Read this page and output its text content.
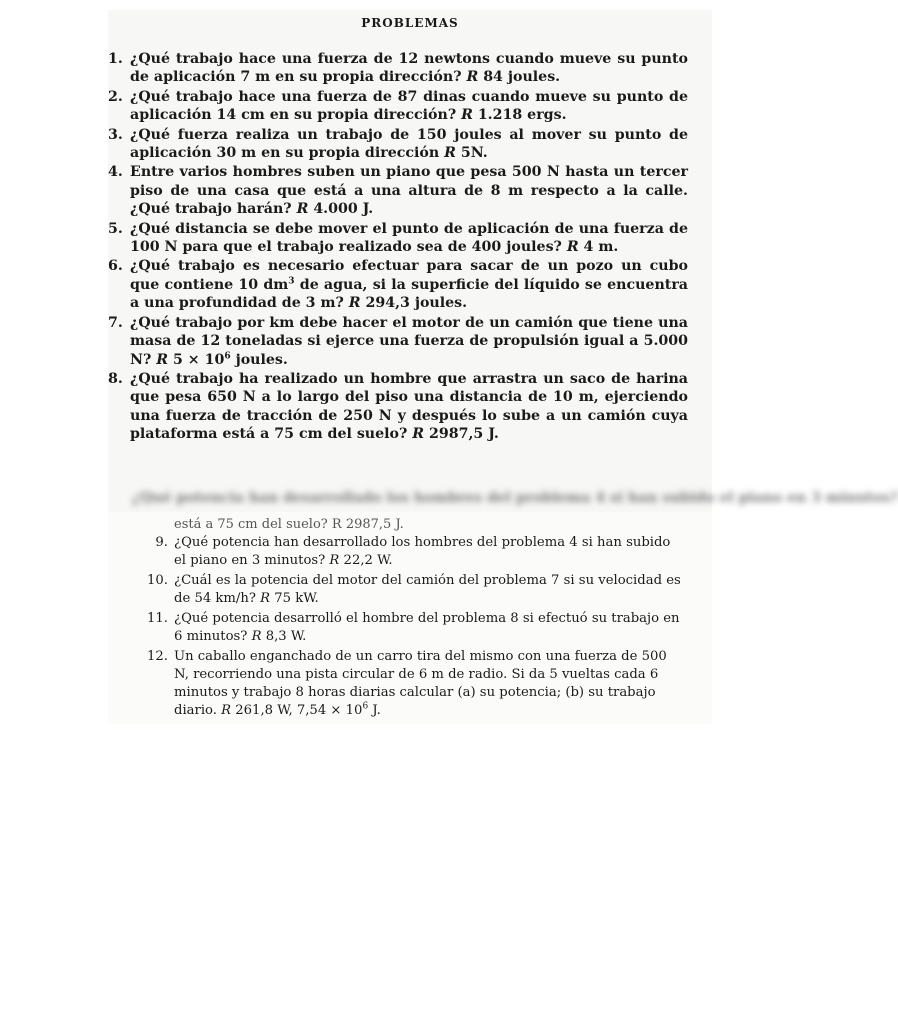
PROBLEMAS
1. ¿Qué trabajo hace una fuerza de 12 newtons cuando mueve su punto de aplicación 7 m en su propia dirección? R 84 joules.
2. ¿Qué trabajo hace una fuerza de 87 dinas cuando mueve su punto de aplicación 14 cm en su propia dirección? R 1.218 ergs.
3. ¿Qué fuerza realiza un trabajo de 150 joules al mover su punto de aplicación 30 m en su propia dirección R 5N.
4. Entre varios hombres suben un piano que pesa 500 N hasta un tercer piso de una casa que está a una altura de 8 m respecto a la calle. ¿Qué trabajo harán? R 4.000 J.
5. ¿Qué distancia se debe mover el punto de aplicación de una fuerza de 100 N para que el trabajo realizado sea de 400 joules? R 4 m.
6. ¿Qué trabajo es necesario efectuar para sacar de un pozo un cubo que contiene 10 $dm^3$ de agua, si la superficie del líquido se encuentra a una profundidad de 3 m? R 294,3 joules.
7. ¿Qué trabajo por km debe hacer el motor de un camión que tiene una masa de 12 toneladas si ejerce una fuerza de propulsión igual a 5.000 N? R $5 \times 10^6$ joules.
8. ¿Qué trabajo ha realizado un hombre que arrastra un saco de harina que pesa 650 N a lo largo del piso una distancia de 10 m, ejerciendo una fuerza de tracción de 250 N y después lo sube a un camión cuya plataforma está a 75 cm del suelo? R 2987,5 J.
¿Qué potencia han desarrollado los hombres del problema 4 si han subido el piano en 3 minutos?
está a 75 cm del suelo? R 2987,5 J.
9. ¿Qué potencia han desarrollado los hombres del problema 4 si han subido el piano en 3 minutos? R 22,2 W.
10. ¿Cuál es la potencia del motor del camión del problema 7 si su velocidad es de 54 km/h? R 75 kW.
11. ¿Qué potencia desarrolló el hombre del problema 8 si efectuó su trabajo en 6 minutos? R 8,3 W.
12. Un caballo enganchado de un carro tira del mismo con una fuerza de 500 N, recorriendo una pista circular de 6 m de radio. Si da 5 vueltas cada 6 minutos y trabajo 8 horas diarias calcular (a) su potencia; (b) su trabajo diario. R 261,8 W, $7,54 \times 10^6$ J.
